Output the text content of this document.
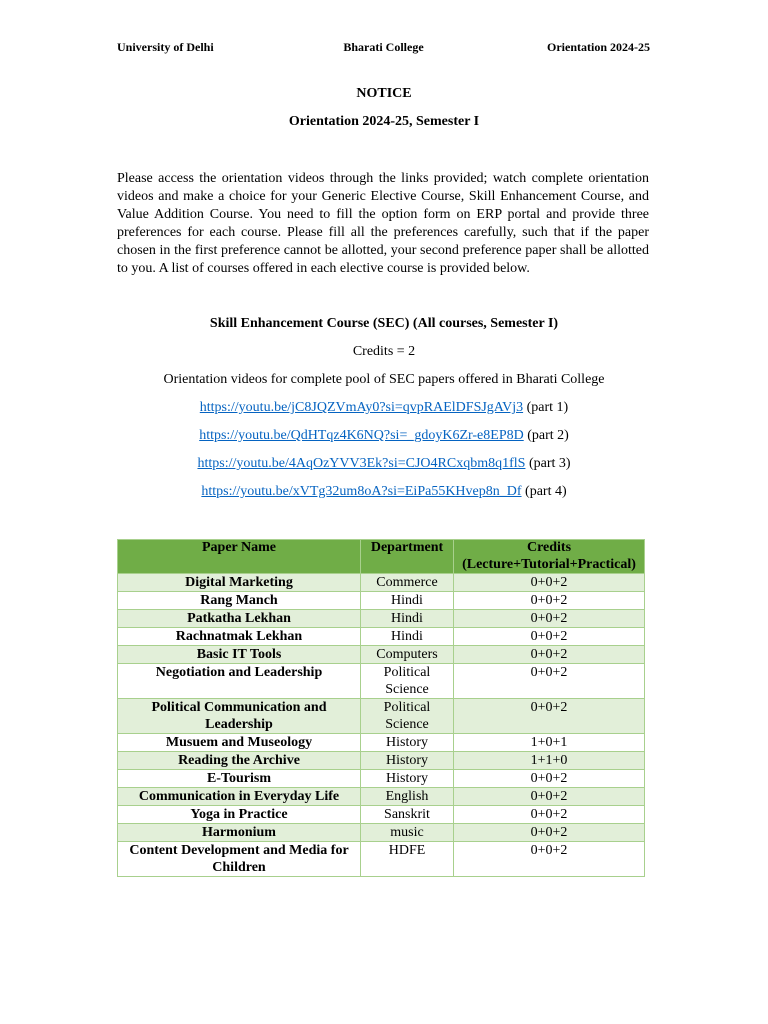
University of Delhi	Bharati College	Orientation 2024-25
NOTICE
Orientation 2024-25, Semester I

Please access the orientation videos through the links provided; watch complete orientation videos and make a choice for your Generic Elective Course, Skill Enhancement Course, and Value Addition Course. You need to fill the option form on ERP portal and provide three preferences for each course. Please fill all the preferences carefully, such that if the paper chosen in the first preference cannot be allotted, your second preference paper shall be allotted to you. A list of courses offered in each elective course is provided below.

Skill Enhancement Course (SEC) (All courses, Semester I)
Credits = 2
Orientation videos for complete pool of SEC papers offered in Bharati College
https://youtu.be/jC8JQZVmAy0?si=qvpRAElDFSJgAVj3 (part 1)
https://youtu.be/QdHTqz4K6NQ?si=_gdoyK6Zr-e8EP8D (part 2)
https://youtu.be/4AqOzYVV3Ek?si=CJO4RCxqbm8q1flS (part 3)
https://youtu.be/xVTg32um8oA?si=EiPa55KHvep8n_Df (part 4)
Paper Name	Department	Credits
(Lecture+Tutorial+Practical)
Digital Marketing	Commerce	0+0+2
Rang Manch	Hindi	0+0+2
Patkatha Lekhan	Hindi	0+0+2
Rachnatmak Lekhan	Hindi	0+0+2
Basic IT Tools	Computers	0+0+2
Negotiation and Leadership	Political Science	0+0+2
Political Communication and Leadership	Political Science	0+0+2
Musuem and Museology	History	1+0+1
Reading the Archive	History	1+1+0
E-Tourism	History	0+0+2
Communication in Everyday Life	English	0+0+2
Yoga in Practice	Sanskrit	0+0+2
Harmonium	music	0+0+2
Content Development and Media for Children	HDFE	0+0+2
